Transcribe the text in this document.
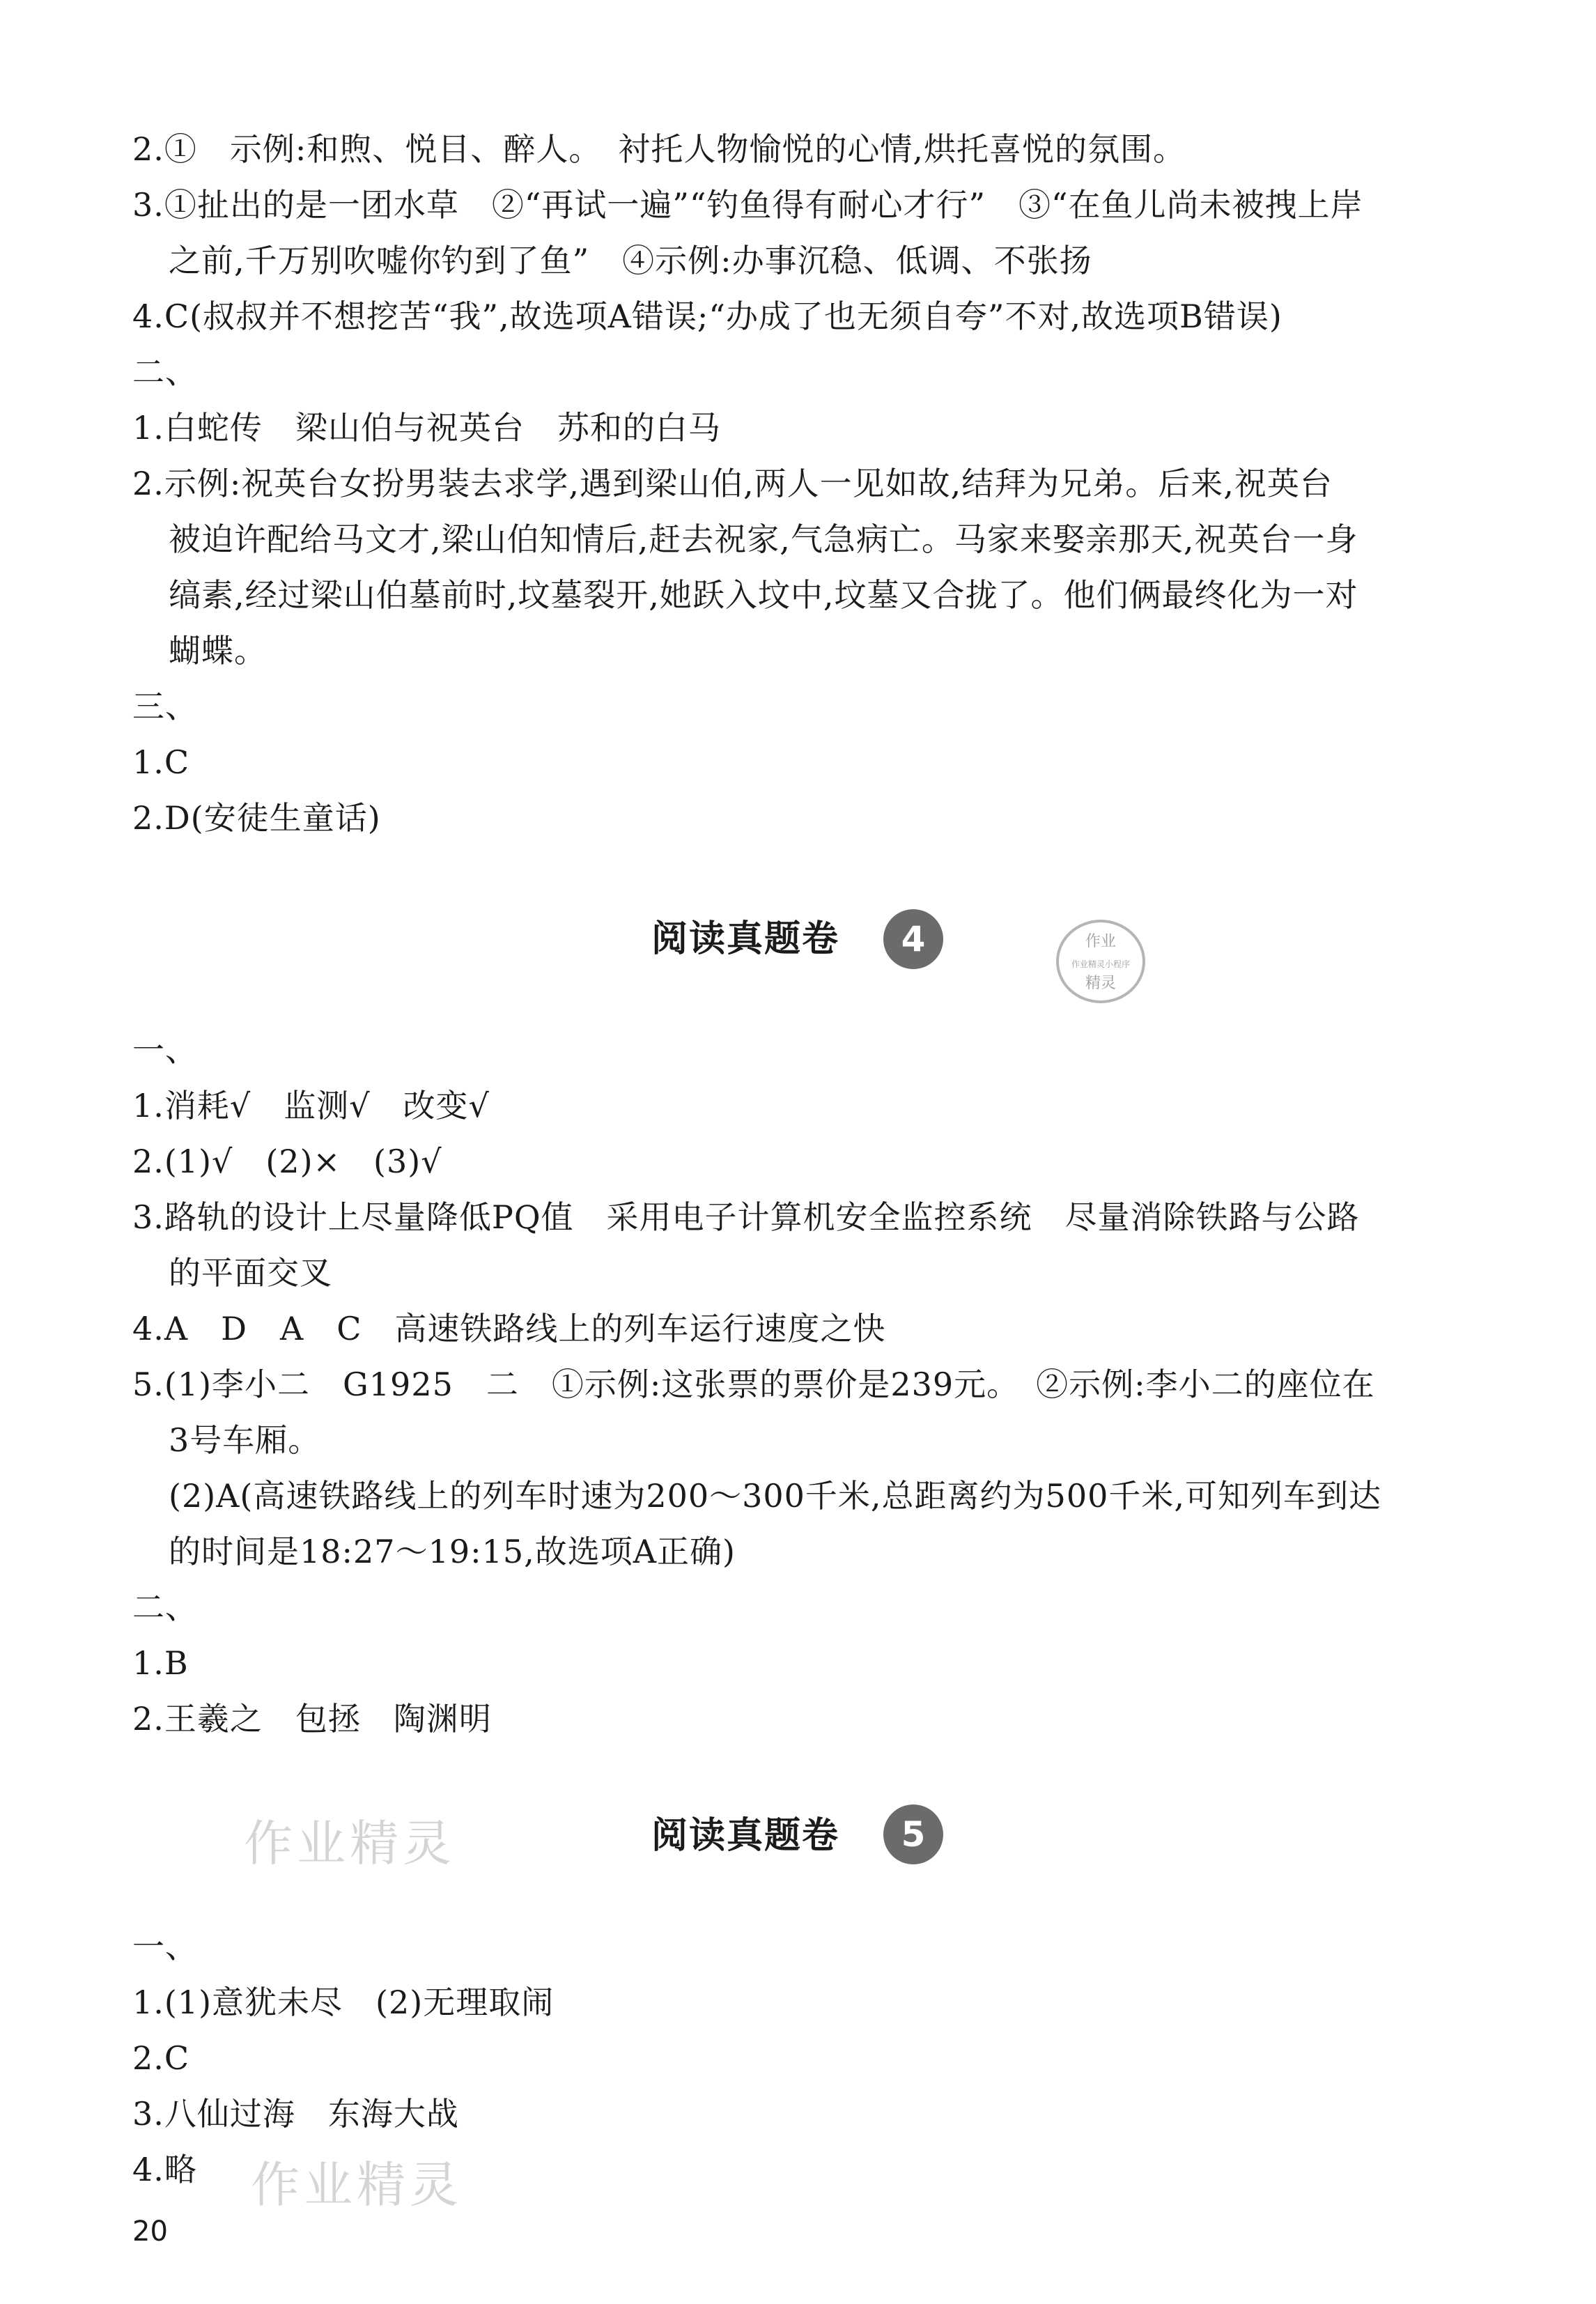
2.①　示例:和煦、悦目、醉人。　衬托人物愉悦的心情,烘托喜悦的氛围。
3.①扯出的是一团水草　②“再试一遍”“钓鱼得有耐心才行”　③“在鱼儿尚未被拽上岸
之前,千万别吹嘘你钓到了鱼”　④示例:办事沉稳、低调、不张扬
4.C(叔叔并不想挖苦“我”,故选项A错误;“办成了也无须自夸”不对,故选项B错误)
二、
1.白蛇传　梁山伯与祝英台　苏和的白马
2.示例:祝英台女扮男装去求学,遇到梁山伯,两人一见如故,结拜为兄弟。后来,祝英台
被迫许配给马文才,梁山伯知情后,赶去祝家,气急病亡。马家来娶亲那天,祝英台一身
缟素,经过梁山伯墓前时,坟墓裂开,她跃入坟中,坟墓又合拢了。他们俩最终化为一对
蝴蝶。
三、
1.C
2.D(安徒生童话)
阅读真题卷	4	作业
作业精灵小程序
精灵
一、
1.消耗√　监测√　改变√
2.(1)√　(2)×　(3)√
3.路轨的设计上尽量降低PQ值　采用电子计算机安全监控系统　尽量消除铁路与公路
的平面交叉
4.A　D　A　C　高速铁路线上的列车运行速度之快
5.(1)李小二　G1925　二　①示例:这张票的票价是239元。　②示例:李小二的座位在
3号车厢。
(2)A(高速铁路线上的列车时速为200～300千米,总距离约为500千米,可知列车到达
的时间是18:27～19:15,故选项A正确)
二、
1.B
2.王羲之　包拯　陶渊明
作业精灵	阅读真题卷	5
一、
1.(1)意犹未尽　(2)无理取闹
2.C
3.八仙过海　东海大战
4.略 作业精灵
20
